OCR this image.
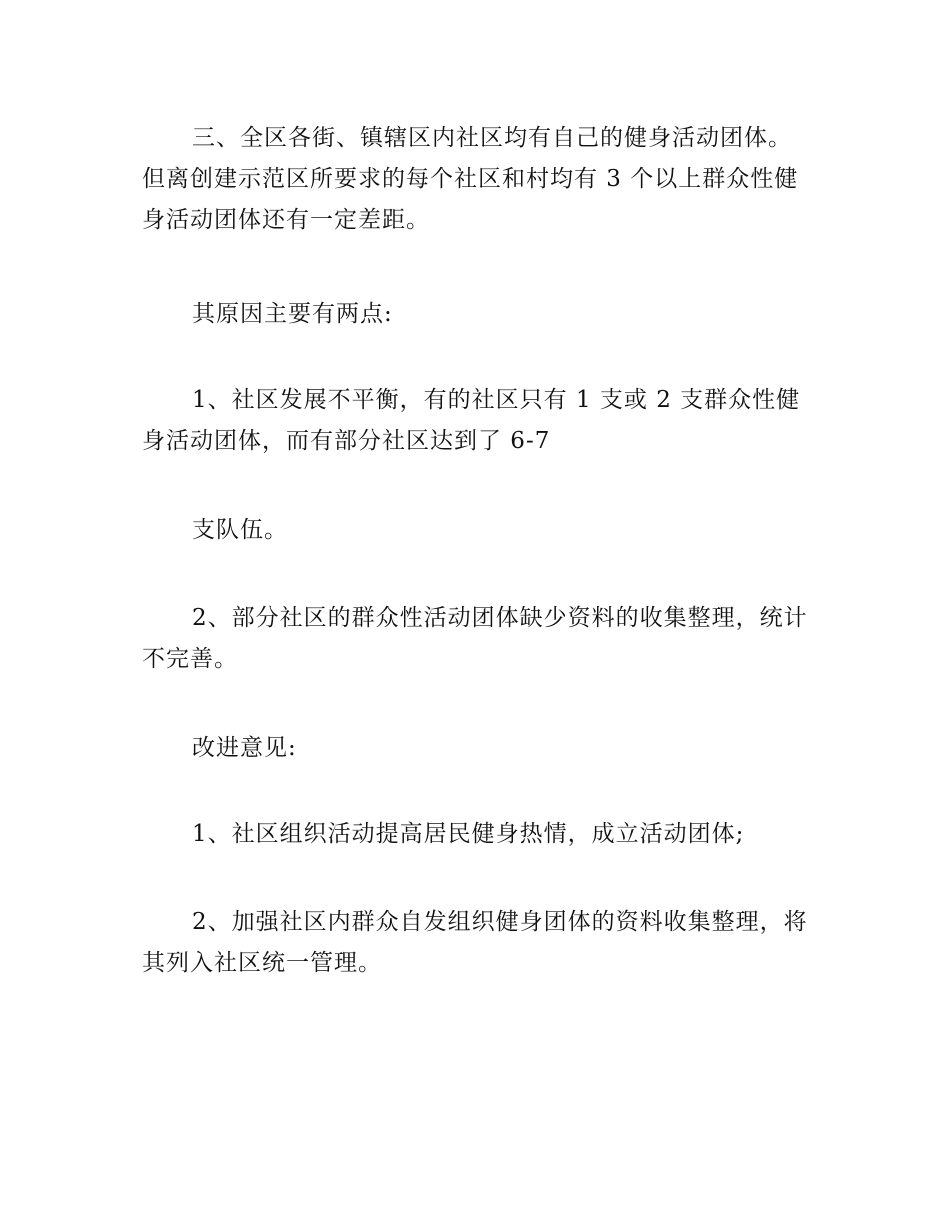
三、全区各街、镇辖区内社区均有自己的健身活动团体。但离创建示范区所要求的每个社区和村均有 3 个以上群众性健身活动团体还有一定差距。

其原因主要有两点:

1、社区发展不平衡，有的社区只有 1 支或 2 支群众性健身活动团体，而有部分社区达到了 6-7

支队伍。

2、部分社区的群众性活动团体缺少资料的收集整理，统计不完善。

改进意见:

1、社区组织活动提高居民健身热情，成立活动团体;

2、加强社区内群众自发组织健身团体的资料收集整理，将其列入社区统一管理。
